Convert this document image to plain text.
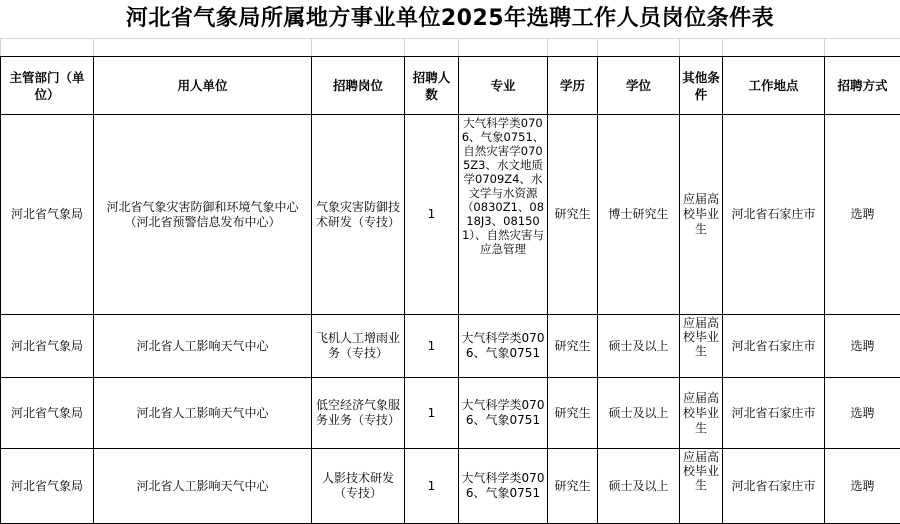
河北省气象局所属地方事业单位2025年选聘工作人员岗位条件表

主管部门（单位）	用人单位	招聘岗位	招聘人数	专业	学历	学位	其他条件	工作地点	招聘方式
河北省气象局	河北省气象灾害防御和环境气象中心（河北省预警信息发布中心）	气象灾害防御技术研发（专技）	1	大气科学类0706、气象0751、自然灾害学0705Z3、水文地质学0709Z4、水文学与水资源（0830Z1、0818J3、081501）、自然灾害与应急管理	研究生	博士研究生	应届高校毕业生	河北省石家庄市	选聘
河北省气象局	河北省人工影响天气中心	飞机人工增雨业务（专技）	1	大气科学类0706、气象0751	研究生	硕士及以上	应届高校毕业生	河北省石家庄市	选聘
河北省气象局	河北省人工影响天气中心	低空经济气象服务业务（专技）	1	大气科学类0706、气象0751	研究生	硕士及以上	应届高校毕业生	河北省石家庄市	选聘
河北省气象局	河北省人工影响天气中心	人影技术研发（专技）	1	大气科学类0706、气象0751	研究生	硕士及以上	应届高校毕业生	河北省石家庄市	选聘
